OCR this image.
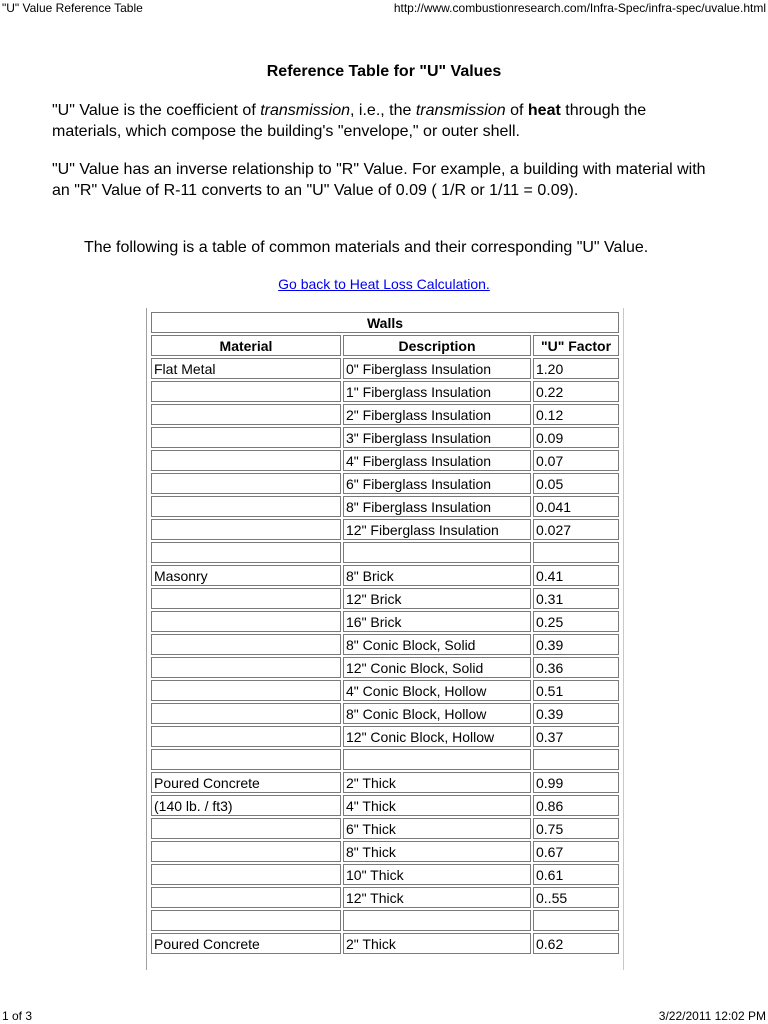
"U" Value Reference Table	http://www.combustionresearch.com/Infra-Spec/infra-spec/uvalue.html
Reference Table for "U" Values

"U" Value is the coefficient of transmission, i.e., the transmission of heat through the materials, which compose the building's "envelope," or outer shell.

"U" Value has an inverse relationship to "R" Value. For example, a building with material with an "R" Value of R-11 converts to an "U" Value of 0.09 ( 1/R or 1/11 = 0.09).

The following is a table of common materials and their corresponding "U" Value.

Go back to Heat Loss Calculation.
Walls		
Material	Description	"U" Factor
Flat Metal	0" Fiberglass Insulation	1.20
	1" Fiberglass Insulation	0.22
	2" Fiberglass Insulation	0.12
	3" Fiberglass Insulation	0.09
	4" Fiberglass Insulation	0.07
	6" Fiberglass Insulation	0.05
	8" Fiberglass Insulation	0.041
	12" Fiberglass Insulation	0.027

Masonry	8" Brick	0.41
	12" Brick	0.31
	16" Brick	0.25
	8" Conic Block, Solid	0.39
	12" Conic Block, Solid	0.36
	4" Conic Block, Hollow	0.51
	8" Conic Block, Hollow	0.39
	12" Conic Block, Hollow	0.37

Poured Concrete	2" Thick	0.99
(140 lb. / ft3)	4" Thick	0.86
	6" Thick	0.75
	8" Thick	0.67
	10" Thick	0.61
	12" Thick	0..55

Poured Concrete	2" Thick	0.62
1 of 3	3/22/2011 12:02 PM
